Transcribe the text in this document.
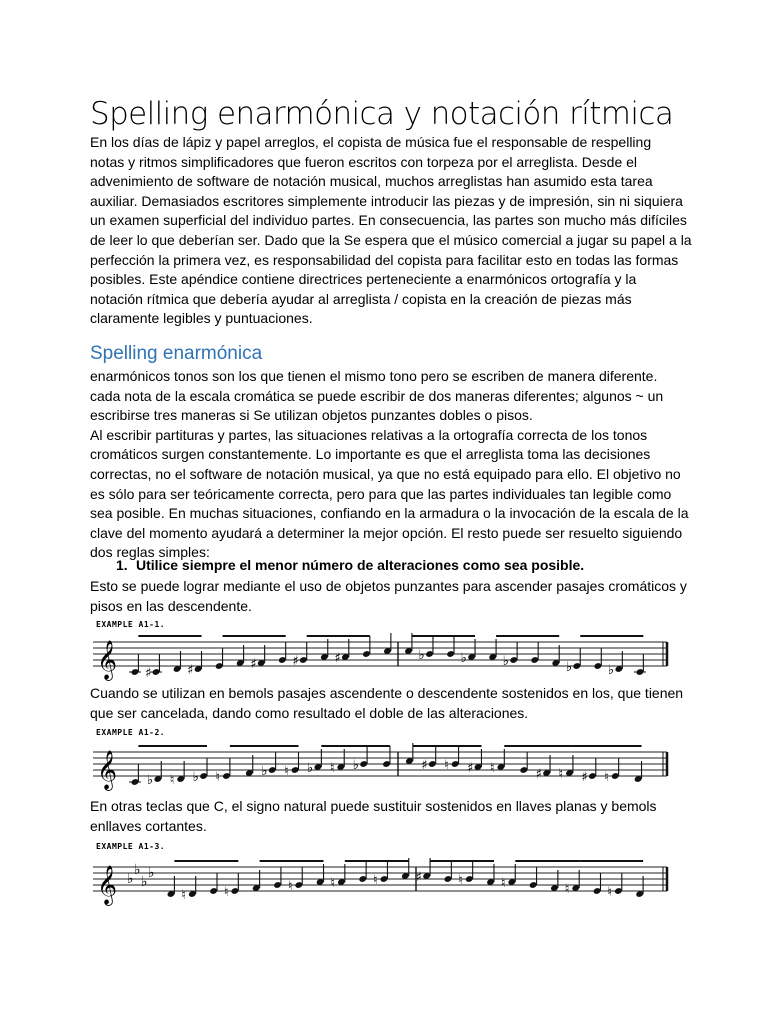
Spelling enarmónica y notación rítmica
En los días de lápiz y papel arreglos, el copista de música fue el responsable de respelling
notas y ritmos simplificadores que fueron escritos con torpeza por el arreglista. Desde el
advenimiento de software de notación musical, muchos arreglistas han asumido esta tarea
auxiliar. Demasiados escritores simplemente introducir las piezas y de impresión, sin ni siquiera
un examen superficial del individuo partes. En consecuencia, las partes son mucho más difíciles
de leer lo que deberían ser. Dado que la Se espera que el músico comercial a jugar su papel a la
perfección la primera vez, es responsabilidad del copista para facilitar esto en todas las formas
posibles. Este apéndice contiene directrices perteneciente a enarmónicos ortografía y la
notación rítmica que debería ayudar al arreglista / copista en la creación de piezas más
claramente legibles y puntuaciones.
Spelling enarmónica
enarmónicos tonos son los que tienen el mismo tono pero se escriben de manera diferente.
cada nota de la escala cromática se puede escribir de dos maneras diferentes; algunos ~ un
escribirse tres maneras si Se utilizan objetos punzantes dobles o pisos.
Al escribir partituras y partes, las situaciones relativas a la ortografía correcta de los tonos
cromáticos surgen constantemente. Lo importante es que el arreglista toma las decisiones
correctas, no el software de notación musical, ya que no está equipado para ello. El objetivo no
es sólo para ser teóricamente correcta, pero para que las partes individuales tan legible como
sea posible. En muchas situaciones, confiando en la armadura o la invocación de la escala de la
clave del momento ayudará a determiner la mejor opción. El resto puede ser resuelto siguiendo
dos reglas simples:
1. Utilice siempre el menor número de alteraciones como sea posible.
Esto se puede lograr mediante el uso de objetos punzantes para ascender pasajes cromáticos y
pisos en las descendente.
EXAMPLE A1-1.
𝄞 ♯	♯	♯	♯	♯	♭	♭	♭	♭	♭
Cuando se utilizan en bemols pasajes ascendente o descendente sostenidos en los, que tienen
que ser cancelada, dando como resultado el doble de las alteraciones.
EXAMPLE A1-2.
𝄞 ♭ ♮ ♭ ♮	♭ ♮ ♭ ♮ ♭	♯ ♮ ♯ ♮	♯ ♮ ♯ ♮
En otras teclas que C, el signo natural puede sustituir sostenidos en llaves planas y bemols
enllaves cortantes.
EXAMPLE A1-3.
𝄞 ♭
♭
♭
♭
♮	♮	♮	♮	♮	♯	♮	♮	♮	♮
